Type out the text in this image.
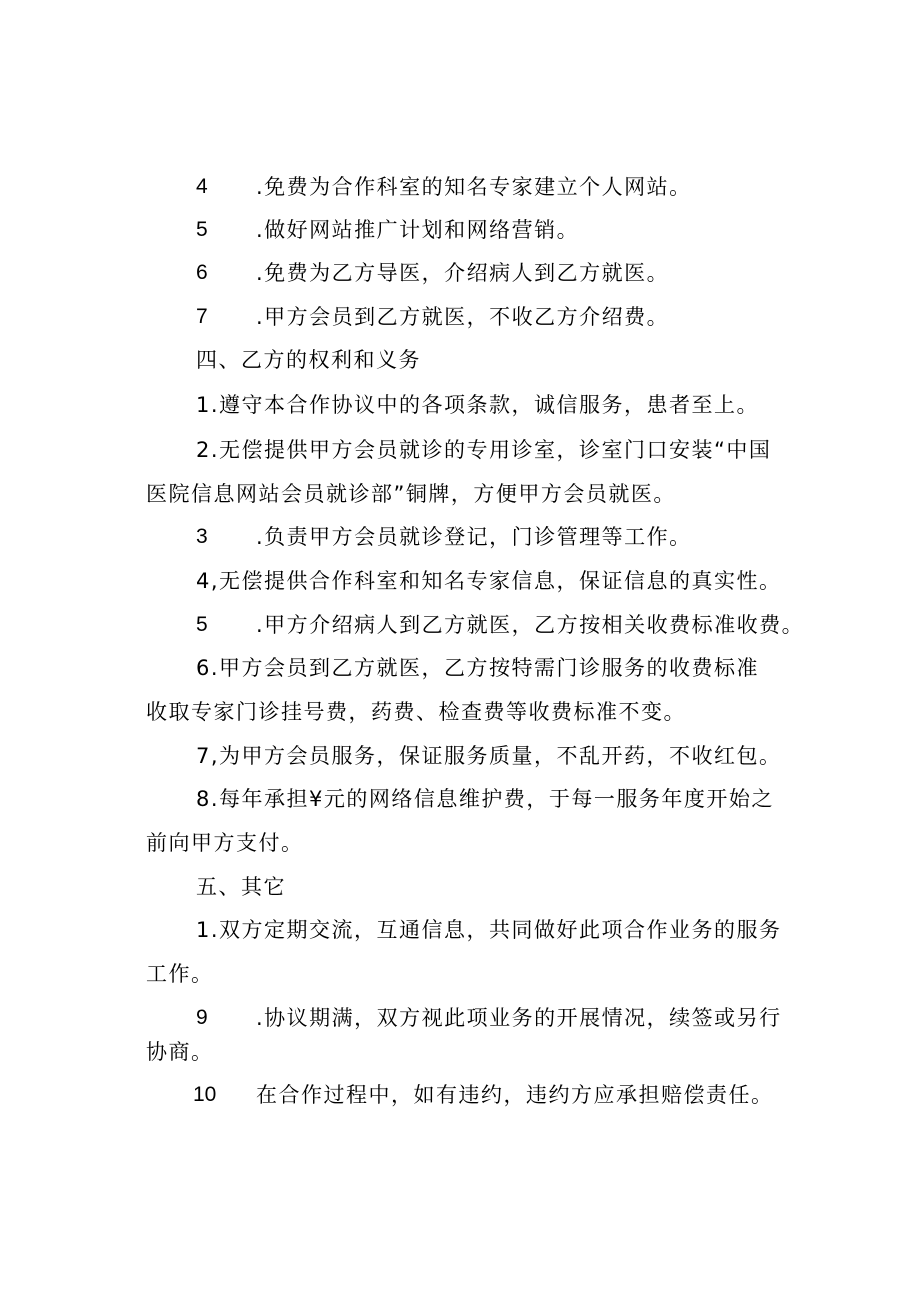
4 .免费为合作科室的知名专家建立个人网站。
5 .做好网站推广计划和网络营销。
6 .免费为乙方导医，介绍病人到乙方就医。
7 .甲方会员到乙方就医，不收乙方介绍费。
四、乙方的权利和义务
1.遵守本合作协议中的各项条款，诚信服务，患者至上。
2.无偿提供甲方会员就诊的专用诊室，诊室门口安装“中国
医院信息网站会员就诊部”铜牌，方便甲方会员就医。
3 .负责甲方会员就诊登记，门诊管理等工作。
4,无偿提供合作科室和知名专家信息，保证信息的真实性。
5 .甲方介绍病人到乙方就医，乙方按相关收费标准收费。
6.甲方会员到乙方就医，乙方按特需门诊服务的收费标准
收取专家门诊挂号费，药费、检查费等收费标准不变。
7,为甲方会员服务，保证服务质量，不乱开药，不收红包。
8.每年承担¥元的网络信息维护费，于每一服务年度开始之
前向甲方支付。
五、其它
1.双方定期交流，互通信息，共同做好此项合作业务的服务
工作。
9 .协议期满，双方视此项业务的开展情况，续签或另行
协商。
10 在合作过程中，如有违约，违约方应承担赔偿责任。
